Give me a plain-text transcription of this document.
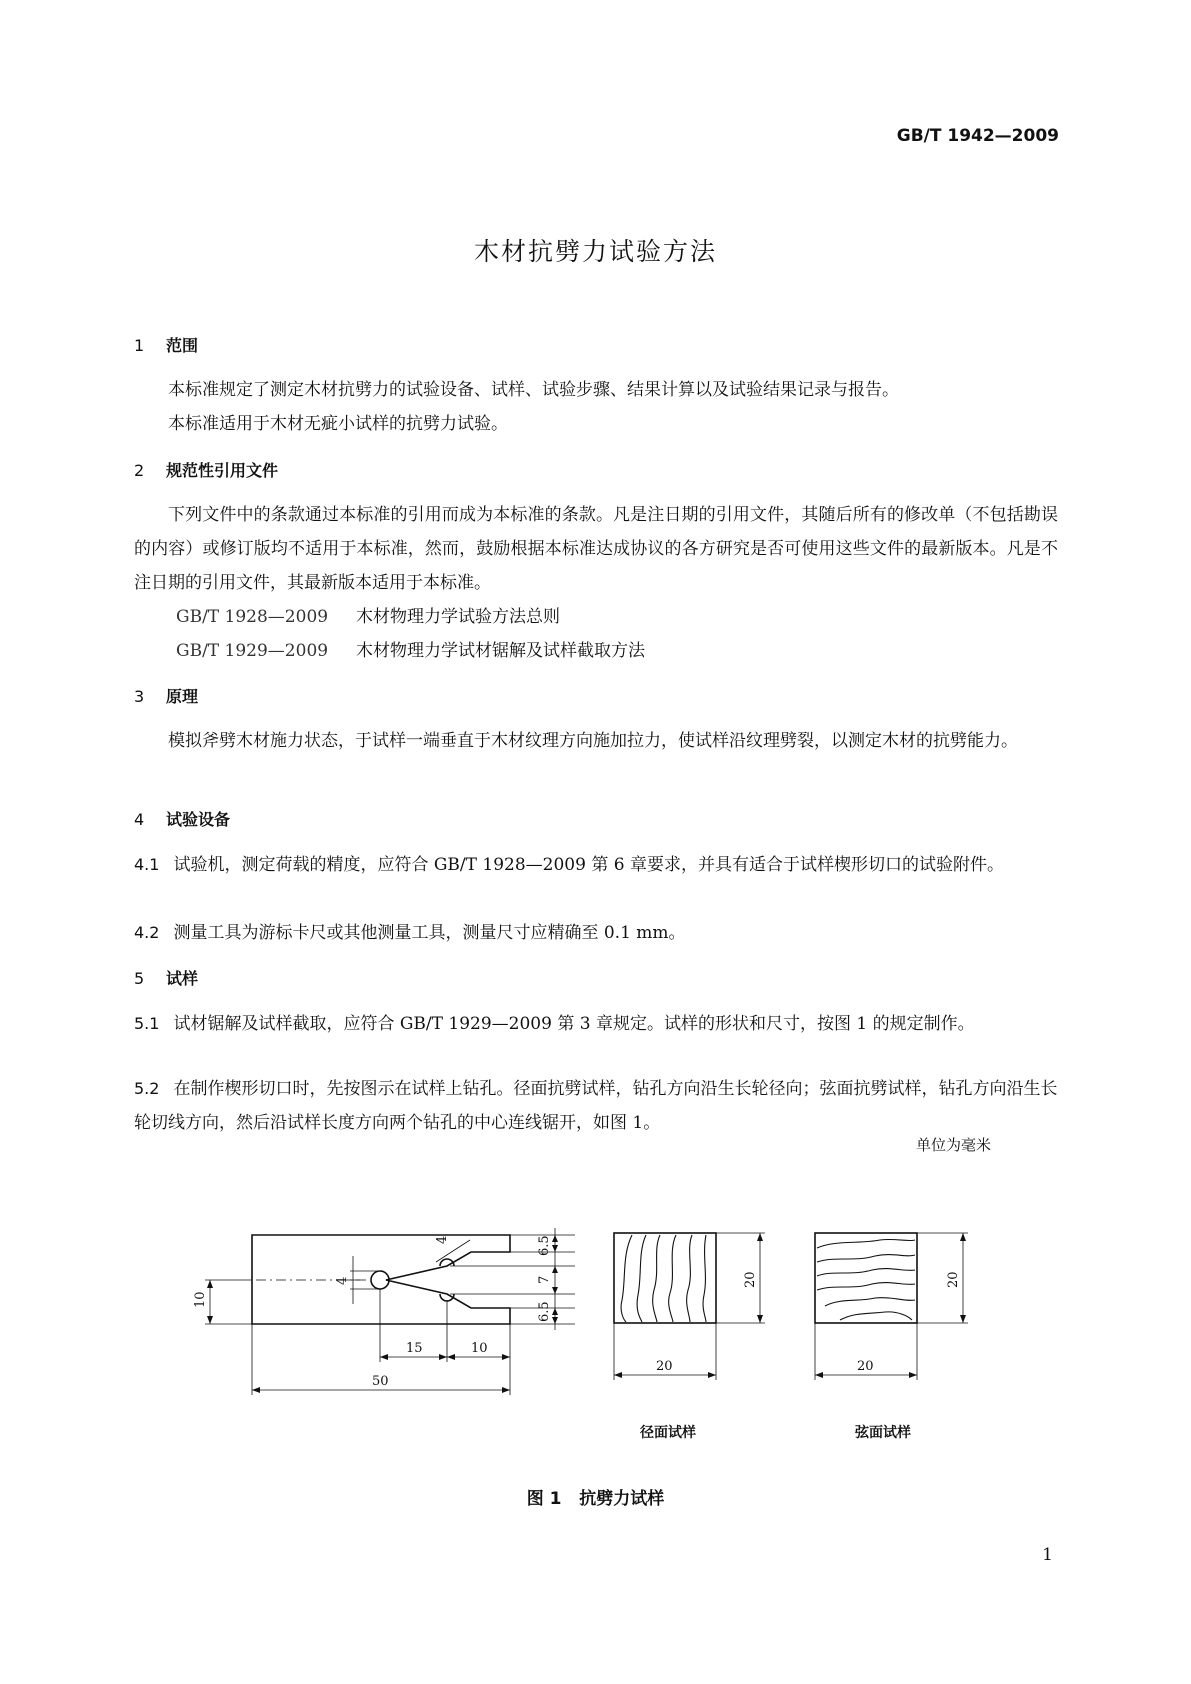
GB/T 1942—2009
木材抗劈力试验方法
1 范围
本标准规定了测定木材抗劈力的试验设备、试样、试验步骤、结果计算以及试验结果记录与报告。
本标准适用于木材无疵小试样的抗劈力试验。
2 规范性引用文件
下列文件中的条款通过本标准的引用而成为本标准的条款。凡是注日期的引用文件，其随后所有的修改单（不包括勘误的内容）或修订版均不适用于本标准，然而，鼓励根据本标准达成协议的各方研究是否可使用这些文件的最新版本。凡是不注日期的引用文件，其最新版本适用于本标准。
GB/T 1928—2009 木材物理力学试验方法总则
GB/T 1929—2009 木材物理力学试材锯解及试样截取方法
3 原理
模拟斧劈木材施力状态，于试样一端垂直于木材纹理方向施加拉力，使试样沿纹理劈裂，以测定木材的抗劈能力。
4 试验设备
4.1 试验机，测定荷载的精度，应符合 GB/T 1928—2009 第 6 章要求，并具有适合于试样楔形切口的试验附件。
4.2 测量工具为游标卡尺或其他测量工具，测量尺寸应精确至 0.1 mm。
5 试样
5.1 试材锯解及试样截取，应符合 GB/T 1929—2009 第 3 章规定。试样的形状和尺寸，按图 1 的规定制作。
5.2 在制作楔形切口时，先按图示在试样上钻孔。径面抗劈试样，钻孔方向沿生长轮径向；弦面抗劈试样，钻孔方向沿生长轮切线方向，然后沿试样长度方向两个钻孔的中心连线锯开，如图 1。
单位为毫米
4	6.5
7
6.5
4
10
15	10
50
20
20
20
20
径面试样	弦面试样
图 1 抗劈力试样
1
